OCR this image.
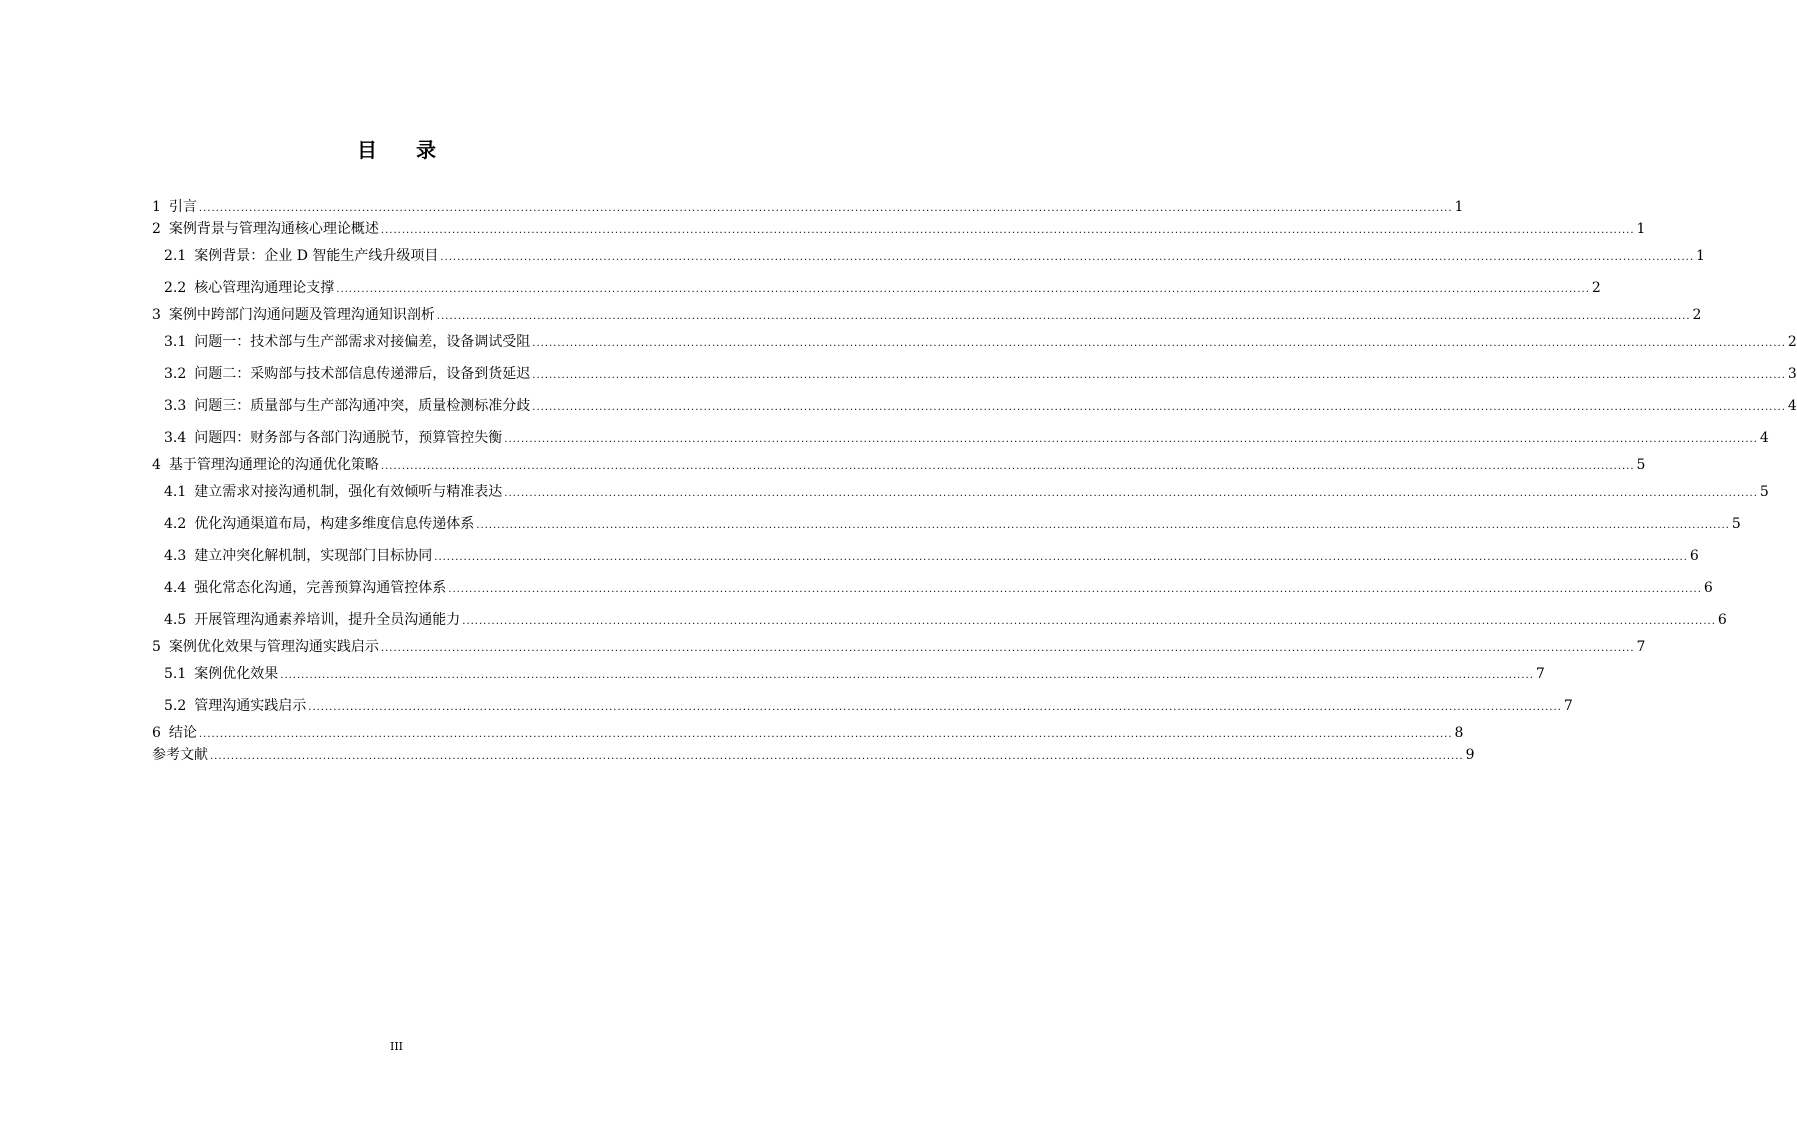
目 录
1 引言 ............................................................................................................................................................................................................................................................................................................ 1
2 案例背景与管理沟通核心理论概述 ............................................................................................................................................................................................................................................................................................................ 1
2.1 案例背景：企业 D 智能生产线升级项目 ............................................................................................................................................................................................................................................................................................................ 1
2.2 核心管理沟通理论支撑 ............................................................................................................................................................................................................................................................................................................ 2
3 案例中跨部门沟通问题及管理沟通知识剖析 ............................................................................................................................................................................................................................................................................................................ 2
3.1 问题一：技术部与生产部需求对接偏差，设备调试受阻 ............................................................................................................................................................................................................................................................................................................ 2
3.2 问题二：采购部与技术部信息传递滞后，设备到货延迟 ............................................................................................................................................................................................................................................................................................................ 3
3.3 问题三：质量部与生产部沟通冲突，质量检测标准分歧 ............................................................................................................................................................................................................................................................................................................ 4
3.4 问题四：财务部与各部门沟通脱节，预算管控失衡 ............................................................................................................................................................................................................................................................................................................ 4
4 基于管理沟通理论的沟通优化策略 ............................................................................................................................................................................................................................................................................................................ 5
4.1 建立需求对接沟通机制，强化有效倾听与精准表达 ............................................................................................................................................................................................................................................................................................................ 5
4.2 优化沟通渠道布局，构建多维度信息传递体系 ............................................................................................................................................................................................................................................................................................................ 5
4.3 建立冲突化解机制，实现部门目标协同 ............................................................................................................................................................................................................................................................................................................ 6
4.4 强化常态化沟通，完善预算沟通管控体系 ............................................................................................................................................................................................................................................................................................................ 6
4.5 开展管理沟通素养培训，提升全员沟通能力 ............................................................................................................................................................................................................................................................................................................ 6
5 案例优化效果与管理沟通实践启示 ............................................................................................................................................................................................................................................................................................................ 7
5.1 案例优化效果 ............................................................................................................................................................................................................................................................................................................ 7
5.2 管理沟通实践启示 ............................................................................................................................................................................................................................................................................................................ 7
6 结论 ............................................................................................................................................................................................................................................................................................................ 8
参考文献 ............................................................................................................................................................................................................................................................................................................ 9
III
